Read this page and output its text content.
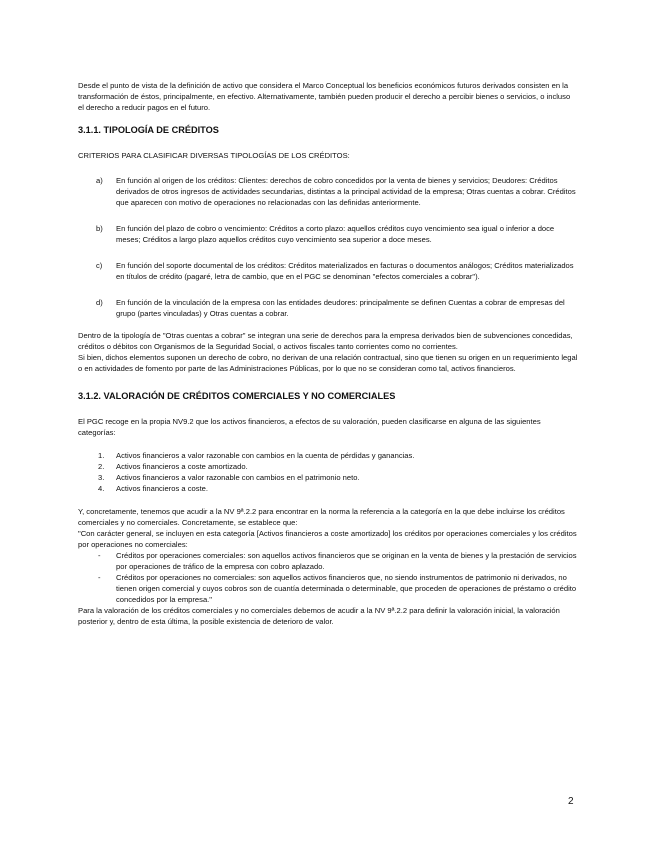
Desde el punto de vista de la definición de activo que considera el Marco Conceptual los beneficios económicos futuros derivados consisten en la transformación de éstos, principalmente, en efectivo. Alternativamente, también pueden producir el derecho a percibir bienes o servicios, o incluso el derecho a reducir pagos en el futuro.

3.1.1. TIPOLOGÍA DE CRÉDITOS

CRITERIOS PARA CLASIFICAR DIVERSAS TIPOLOGÍAS DE LOS CRÉDITOS:

a) En función al origen de los créditos: Clientes: derechos de cobro concedidos por la venta de bienes y servicios; Deudores: Créditos derivados de otros ingresos de actividades secundarias, distintas a la principal actividad de la empresa; Otras cuentas a cobrar. Créditos que aparecen con motivo de operaciones no relacionadas con las definidas anteriormente.
b) En función del plazo de cobro o vencimiento: Créditos a corto plazo: aquellos créditos cuyo vencimiento sea igual o inferior a doce meses; Créditos a largo plazo aquellos créditos cuyo vencimiento sea superior a doce meses.
c) En función del soporte documental de los créditos: Créditos materializados en facturas o documentos análogos; Créditos materializados en títulos de crédito (pagaré, letra de cambio, que en el PGC se denominan "efectos comerciales a cobrar").
d) En función de la vinculación de la empresa con las entidades deudores: principalmente se definen Cuentas a cobrar de empresas del grupo (partes vinculadas) y Otras cuentas a cobrar.

Dentro de la tipología de "Otras cuentas a cobrar" se integran una serie de derechos para la empresa derivados bien de subvenciones concedidas, créditos o débitos con Organismos de la Seguridad Social, o activos fiscales tanto corrientes como no corrientes.

Si bien, dichos elementos suponen un derecho de cobro, no derivan de una relación contractual, sino que tienen su origen en un requerimiento legal o en actividades de fomento por parte de las Administraciones Públicas, por lo que no se consideran como tal, activos financieros.

3.1.2. VALORACIÓN DE CRÉDITOS COMERCIALES Y NO COMERCIALES

El PGC recoge en la propia NV9.2 que los activos financieros, a efectos de su valoración, pueden clasificarse en alguna de las siguientes categorías:

1. Activos financieros a valor razonable con cambios en la cuenta de pérdidas y ganancias.
2. Activos financieros a coste amortizado.
3. Activos financieros a valor razonable con cambios en el patrimonio neto.
4. Activos financieros a coste.

Y, concretamente, tenemos que acudir a la NV 9ª.2.2 para encontrar en la norma la referencia a la categoría en la que debe incluirse los créditos comerciales y no comerciales. Concretamente, se establece que:

"Con carácter general, se incluyen en esta categoría [Activos financieros a coste amortizado] los créditos por operaciones comerciales y los créditos por operaciones no comerciales:

- Créditos por operaciones comerciales: son aquellos activos financieros que se originan en la venta de bienes y la prestación de servicios por operaciones de tráfico de la empresa con cobro aplazado.
- Créditos por operaciones no comerciales: son aquellos activos financieros que, no siendo instrumentos de patrimonio ni derivados, no tienen origen comercial y cuyos cobros son de cuantía determinada o determinable, que proceden de operaciones de préstamo o crédito concedidos por la empresa."

Para la valoración de los créditos comerciales y no comerciales debemos de acudir a la NV 9ª.2.2 para definir la valoración inicial, la valoración posterior y, dentro de esta última, la posible existencia de deterioro de valor.

2
